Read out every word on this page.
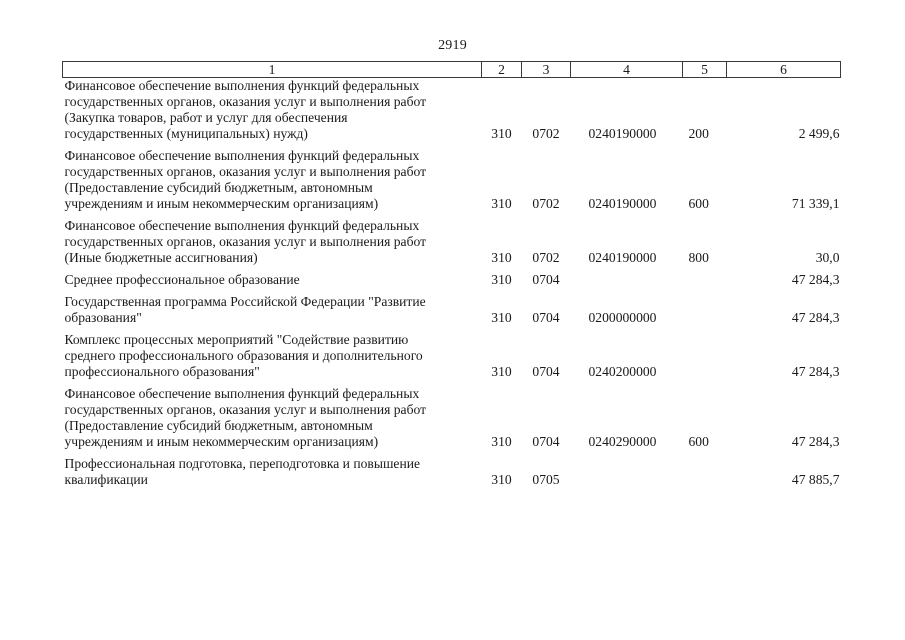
2919
1	2	3	4	5	6

Финансовое обеспечение выполнения функций федеральных
государственных органов, оказания услуг и выполнения работ
(Закупка товаров, работ и услуг для обеспечения
государственных (муниципальных) нужд)	310	0702	0240190000	200	2 499,6

Финансовое обеспечение выполнения функций федеральных
государственных органов, оказания услуг и выполнения работ
(Предоставление субсидий бюджетным, автономным
учреждениям и иным некоммерческим организациям)	310	0702	0240190000	600	71 339,1

Финансовое обеспечение выполнения функций федеральных
государственных органов, оказания услуг и выполнения работ
(Иные бюджетные ассигнования)	310	0702	0240190000	800	30,0

Среднее профессиональное образование	310	0704			47 284,3

Государственная программа Российской Федерации "Развитие
образования"	310	0704	0200000000		47 284,3

Комплекс процессных мероприятий "Содействие развитию
среднего профессионального образования и дополнительного
профессионального образования"	310	0704	0240200000		47 284,3

Финансовое обеспечение выполнения функций федеральных
государственных органов, оказания услуг и выполнения работ
(Предоставление субсидий бюджетным, автономным
учреждениям и иным некоммерческим организациям)	310	0704	0240290000	600	47 284,3

Профессиональная подготовка, переподготовка и повышение
квалификации	310	0705			47 885,7
